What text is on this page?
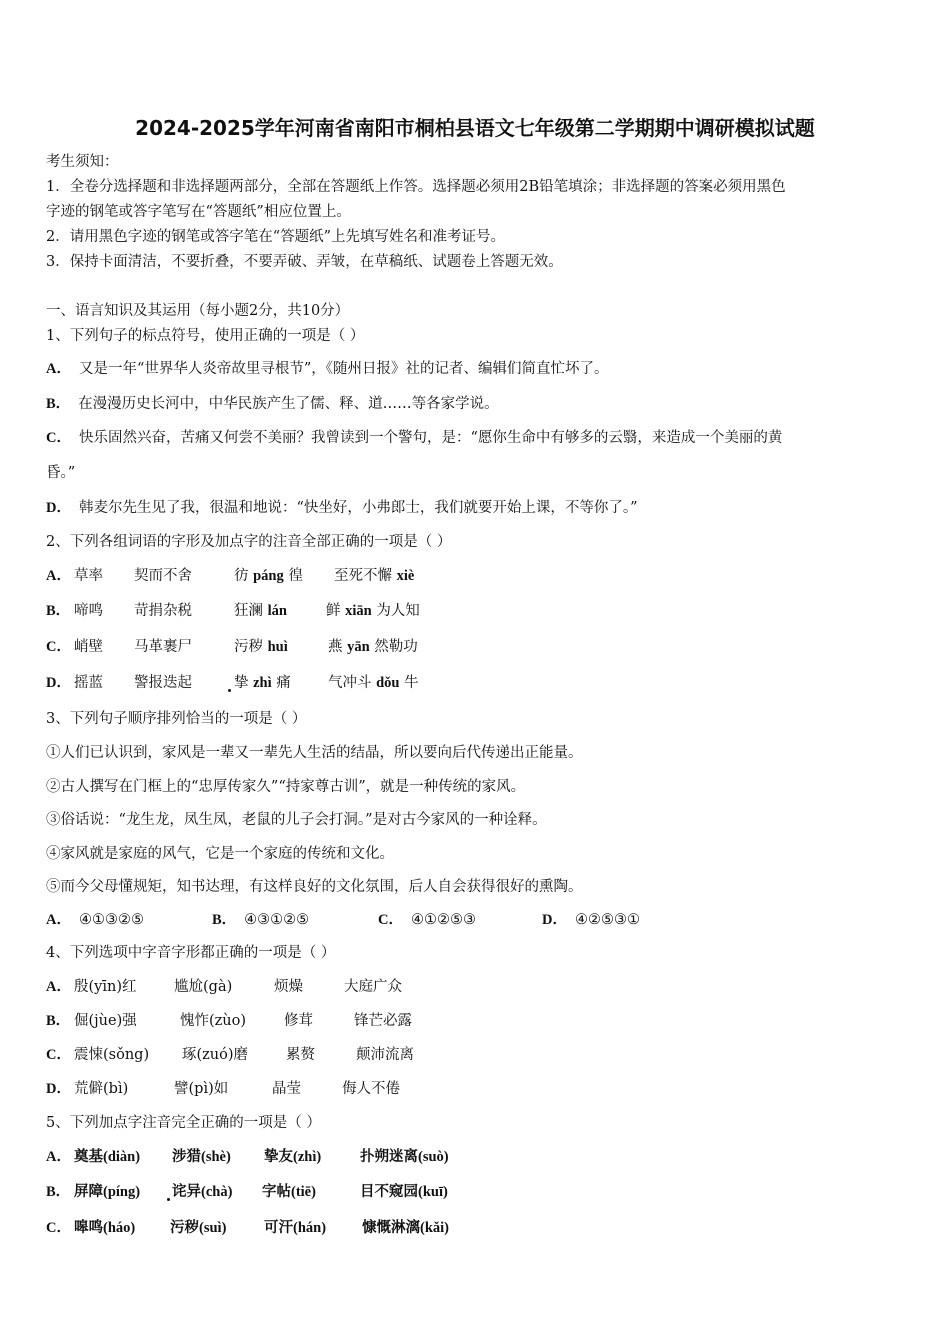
2024-2025学年河南省南阳市桐柏县语文七年级第二学期期中调研模拟试题
考生须知：
1．全卷分选择题和非选择题两部分，全部在答题纸上作答。选择题必须用2B铅笔填涂；非选择题的答案必须用黑色
字迹的钢笔或答字笔写在“答题纸”相应位置上。
2．请用黑色字迹的钢笔或答字笔在“答题纸”上先填写姓名和准考证号。
3．保持卡面清洁，不要折叠，不要弄破、弄皱，在草稿纸、试题卷上答题无效。
一、语言知识及其运用（每小题2分，共10分）
1、下列句子的标点符号，使用正确的一项是（ ）
A． 又是一年“世界华人炎帝故里寻根节”，《随州日报》社的记者、编辑们简直忙坏了。
B． 在漫漫历史长河中，中华民族产生了儒、释、道……等各家学说。
C． 快乐固然兴奋，苦痛又何尝不美丽？我曾读到一个警句，是：“愿你生命中有够多的云翳，来造成一个美丽的黄
昏。”
D． 韩麦尔先生见了我，很温和地说：“快坐好，小弗郎士，我们就要开始上课，不等你了。”
2、下列各组词语的字形及加点字的注音全部正确的一项是（ ）
A． 草率 契而不舍	彷 páng 徨 至死不懈 xiè
B． 啼鸣 苛捐杂税	狂澜 lán	鲜 xiān 为人知
C． 峭壁 马革裹尸	污秽 huì	燕 yān 然勒功
D． 摇蓝 警报迭起	挚 zhì 痛	气冲斗 dǒu 牛
3、下列句子顺序排列恰当的一项是（ ）
①人们已认识到，家风是一辈又一辈先人生活的结晶，所以要向后代传递出正能量。
②古人撰写在门框上的“忠厚传家久”“持家尊古训”，就是一种传统的家风。
③俗话说：“龙生龙，凤生凤，老鼠的儿子会打洞。”是对古今家风的一种诠释。
④家风就是家庭的风气，它是一个家庭的传统和文化。
⑤而今父母懂规矩，知书达理，有这样良好的文化氛围，后人自会获得很好的熏陶。
A． ④①③②⑤	B． ④③①②⑤	C． ④①②⑤③	D． ④②⑤③①
4、下列选项中字音字形都正确的一项是（ ）
A． 殷(yīn)红	尴尬(gà)	烦燥	大庭广众
B． 倔(jùe)强	愧怍(zùo)	修茸	锋芒必露
C． 震悚(sǒng) 琢(zuó)磨	累赘	颠沛流离
D． 荒僻(bì)	譬(pì)如	晶莹	侮人不倦
5、下列加点字注音完全正确的一项是（ ）
A． 奠基(diàn) 涉猎(shè) 挚友(zhì)	扑朔迷离(suò)
B． 屏障(píng) 诧异(chà) 字帖(tiē)	目不窥园(kuī)
C． 嗥鸣(háo) 污秽(suì)	可汗(hán) 慷慨淋漓(kǎi)
